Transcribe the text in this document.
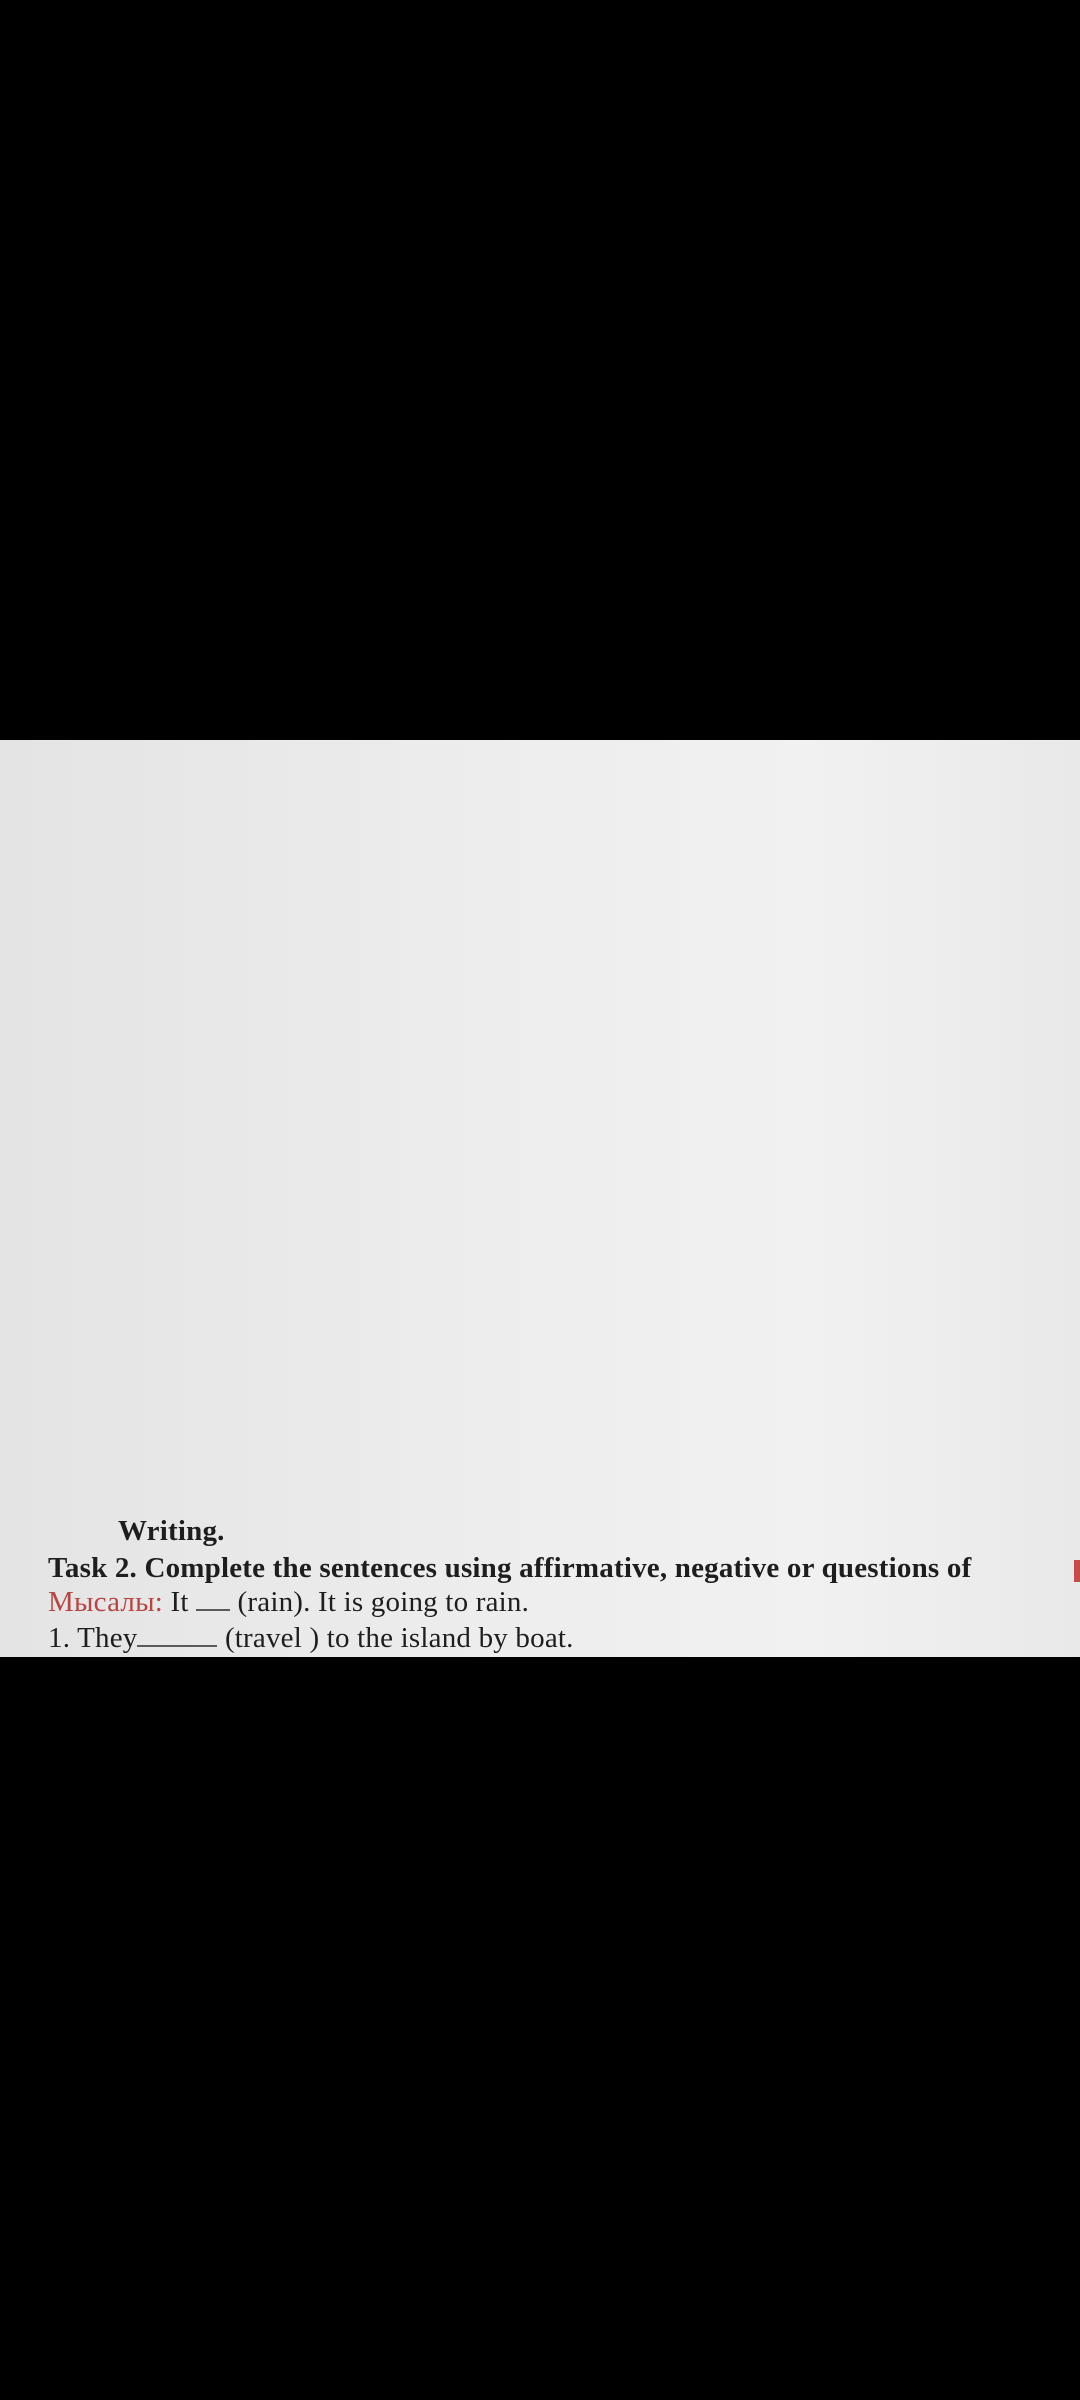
Writing.
Task 2. Complete the sentences using affirmative, negative or questions of
Мысалы: It (rain). It is going to rain.
1. They	(travel ) to the island by boat.
